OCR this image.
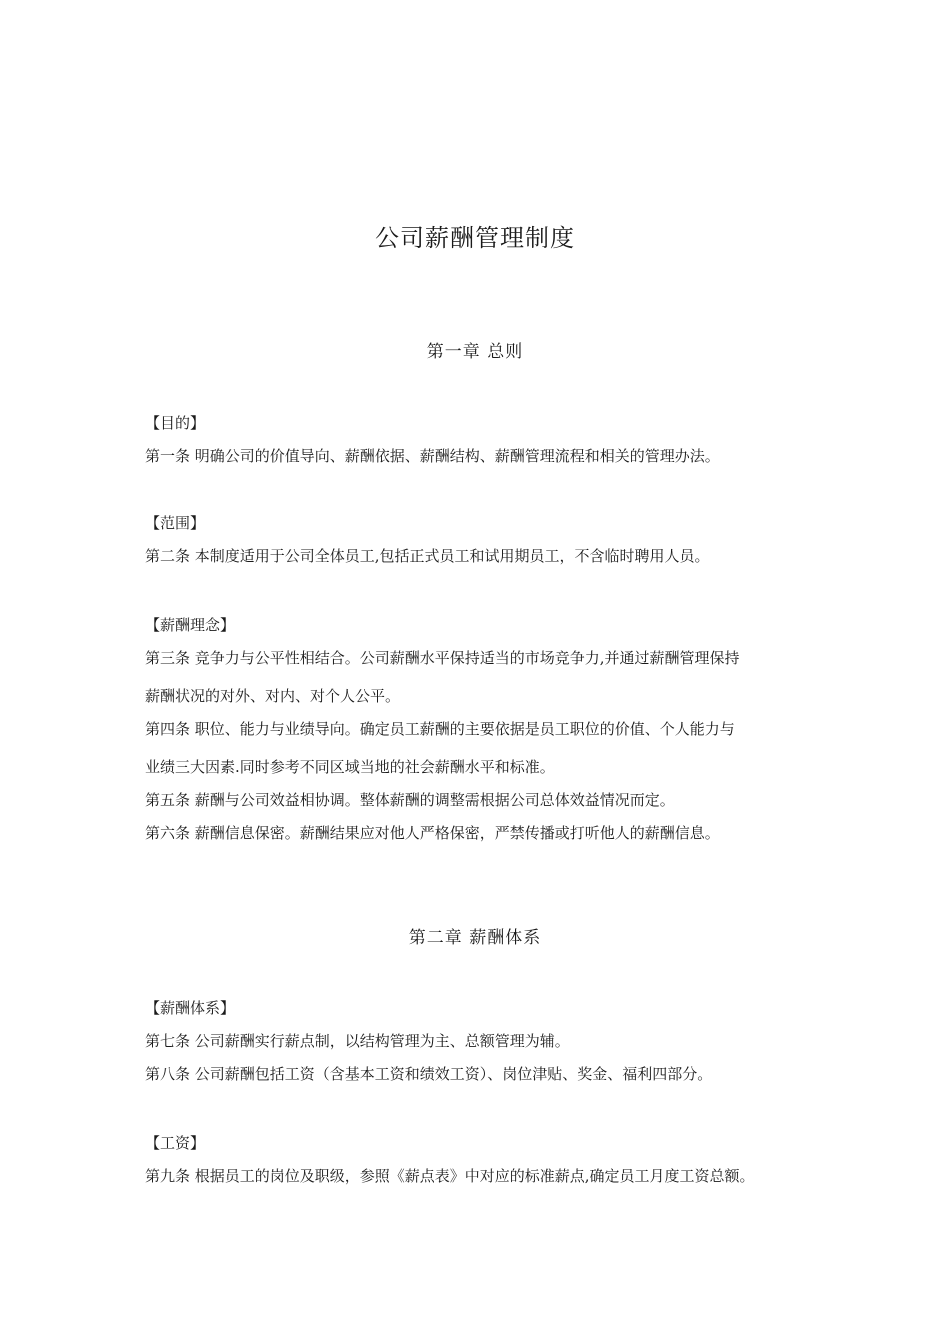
公司薪酬管理制度
第一章 总则

【目的】

第一条 明确公司的价值导向、薪酬依据、薪酬结构、薪酬管理流程和相关的管理办法。

【范围】

第二条 本制度适用于公司全体员工,包括正式员工和试用期员工，不含临时聘用人员。

【薪酬理念】

第三条 竞争力与公平性相结合。公司薪酬水平保持适当的市场竞争力,并通过薪酬管理保持

薪酬状况的对外、对内、对个人公平。

第四条 职位、能力与业绩导向。确定员工薪酬的主要依据是员工职位的价值、个人能力与

业绩三大因素.同时参考不同区域当地的社会薪酬水平和标准。

第五条 薪酬与公司效益相协调。整体薪酬的调整需根据公司总体效益情况而定。

第六条 薪酬信息保密。薪酬结果应对他人严格保密，严禁传播或打听他人的薪酬信息。

第二章 薪酬体系

【薪酬体系】

第七条 公司薪酬实行薪点制，以结构管理为主、总额管理为辅。

第八条 公司薪酬包括工资（含基本工资和绩效工资）、岗位津贴、奖金、福利四部分。

【工资】

第九条 根据员工的岗位及职级，参照《薪点表》中对应的标准薪点,确定员工月度工资总额。
